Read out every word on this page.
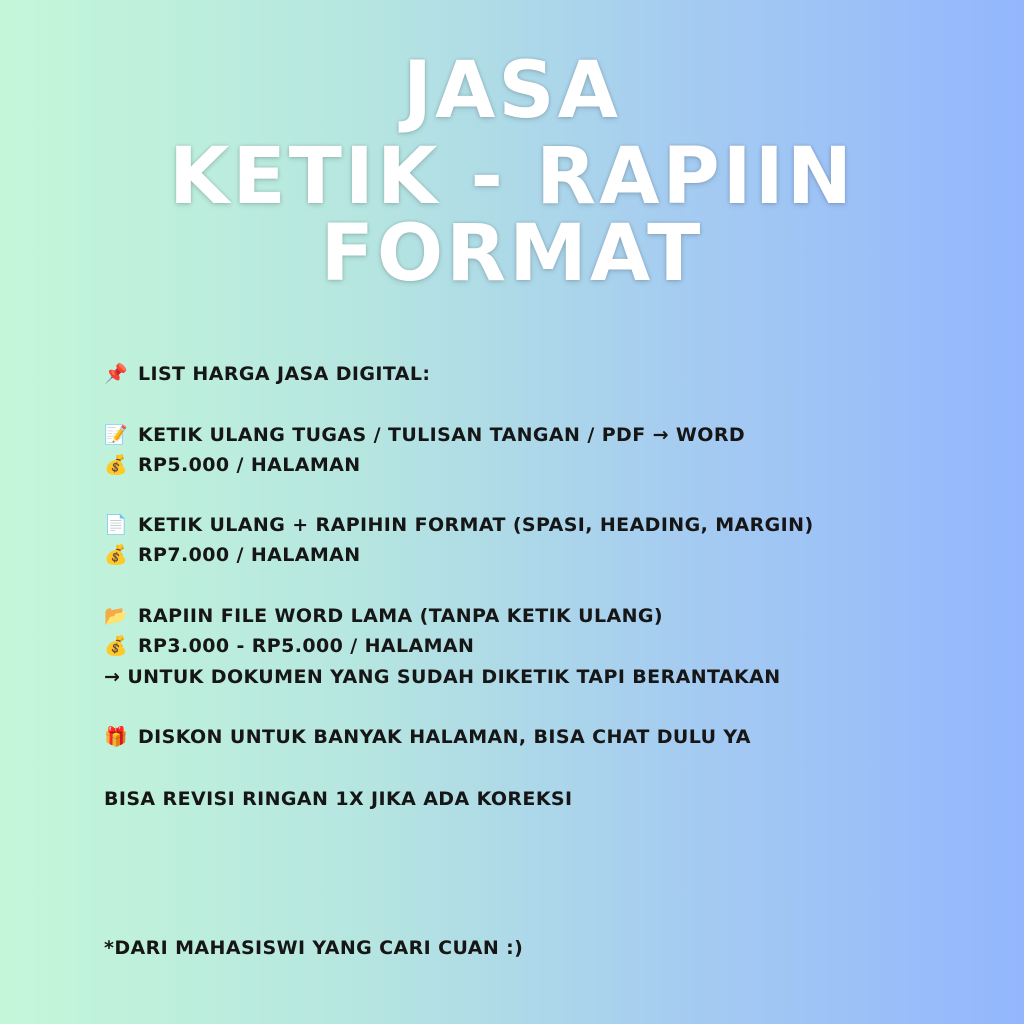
JASA
KETIK - RAPIIN
FORMAT
📌 LIST HARGA JASA DIGITAL:
📝 KETIK ULANG TUGAS / TULISAN TANGAN / PDF → WORD
💰 RP5.000 / HALAMAN
📄 KETIK ULANG + RAPIHIN FORMAT (SPASI, HEADING, MARGIN)
💰 RP7.000 / HALAMAN
📂 RAPIIN FILE WORD LAMA (TANPA KETIK ULANG)
💰 RP3.000 - RP5.000 / HALAMAN
→ UNTUK DOKUMEN YANG SUDAH DIKETIK TAPI BERANTAKAN
🎁 DISKON UNTUK BANYAK HALAMAN, BISA CHAT DULU YA
BISA REVISI RINGAN 1X JIKA ADA KOREKSI
*DARI MAHASISWI YANG CARI CUAN :)
